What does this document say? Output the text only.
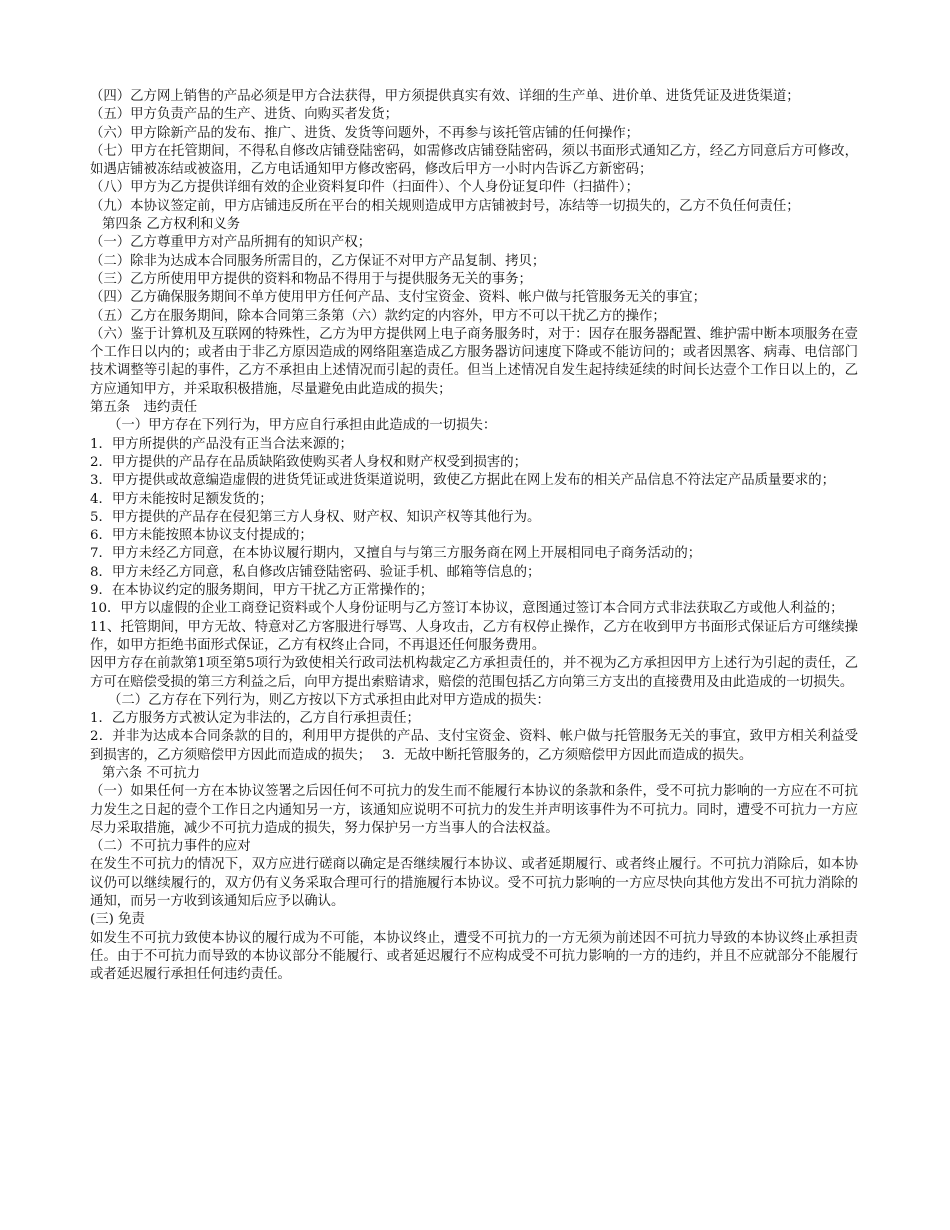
（四）乙方网上销售的产品必须是甲方合法获得，甲方须提供真实有效、详细的生产单、进价单、进货凭证及进货渠道；
（五）甲方负责产品的生产、进货、向购买者发货；
（六）甲方除新产品的发布、推广、进货、发货等问题外，不再参与该托管店铺的任何操作；
（七）甲方在托管期间，不得私自修改店铺登陆密码，如需修改店铺登陆密码，须以书面形式通知乙方，经乙方同意后方可修改，如遇店铺被冻结或被盗用，乙方电话通知甲方修改密码，修改后甲方一小时内告诉乙方新密码；
（八）甲方为乙方提供详细有效的企业资料复印件（扫面件）、个人身份证复印件（扫描件）；
（九）本协议签定前，甲方店铺违反所在平台的相关规则造成甲方店铺被封号，冻结等一切损失的，乙方不负任何责任；
第四条 乙方权利和义务
（一）乙方尊重甲方对产品所拥有的知识产权；
（二）除非为达成本合同服务所需目的，乙方保证不对甲方产品复制、拷贝；
（三）乙方所使用甲方提供的资料和物品不得用于与提供服务无关的事务；
（四）乙方确保服务期间不单方使用甲方任何产品、支付宝资金、资料、帐户做与托管服务无关的事宜；
（五）乙方在服务期间，除本合同第三条第（六）款约定的内容外，甲方不可以干扰乙方的操作；
（六）鉴于计算机及互联网的特殊性，乙方为甲方提供网上电子商务服务时，对于：因存在服务器配置、维护需中断本项服务在壹个工作日以内的；或者由于非乙方原因造成的网络阻塞造成乙方服务器访问速度下降或不能访问的；或者因黑客、病毒、电信部门技术调整等引起的事件，乙方不承担由上述情况而引起的责任。但当上述情况自发生起持续延续的时间长达壹个工作日以上的，乙方应通知甲方，并采取积极措施，尽量避免由此造成的损失；
第五条　违约责任
（一）甲方存在下列行为，甲方应自行承担由此造成的一切损失：
1．甲方所提供的产品没有正当合法来源的；
2．甲方提供的产品存在品质缺陷致使购买者人身权和财产权受到损害的；
3．甲方提供或故意编造虚假的进货凭证或进货渠道说明，致使乙方据此在网上发布的相关产品信息不符法定产品质量要求的；
4．甲方未能按时足额发货的；
5．甲方提供的产品存在侵犯第三方人身权、财产权、知识产权等其他行为。
6．甲方未能按照本协议支付提成的；
7．甲方未经乙方同意，在本协议履行期内，又擅自与与第三方服务商在网上开展相同电子商务活动的；
8．甲方未经乙方同意，私自修改店铺登陆密码、验证手机、邮箱等信息的；
9．在本协议约定的服务期间，甲方干扰乙方正常操作的；
10．甲方以虚假的企业工商登记资料或个人身份证明与乙方签订本协议，意图通过签订本合同方式非法获取乙方或他人利益的；
11、托管期间，甲方无故、特意对乙方客服进行辱骂、人身攻击，乙方有权停止操作，乙方在收到甲方书面形式保证后方可继续操作，如甲方拒绝书面形式保证，乙方有权终止合同，不再退还任何服务费用。
因甲方存在前款第1项至第5项行为致使相关行政司法机构裁定乙方承担责任的，并不视为乙方承担因甲方上述行为引起的责任，乙方可在赔偿受损的第三方利益之后，向甲方提出索赔请求，赔偿的范围包括乙方向第三方支出的直接费用及由此造成的一切损失。
（二）乙方存在下列行为，则乙方按以下方式承担由此对甲方造成的损失：
1．乙方服务方式被认定为非法的，乙方自行承担责任；
2．并非为达成本合同条款的目的，利用甲方提供的产品、支付宝资金、资料、帐户做与托管服务无关的事宜，致甲方相关利益受到损害的，乙方须赔偿甲方因此而造成的损失；　 3．无故中断托管服务的，乙方须赔偿甲方因此而造成的损失。
第六条 不可抗力
（一）如果任何一方在本协议签署之后因任何不可抗力的发生而不能履行本协议的条款和条件，受不可抗力影响的一方应在不可抗力发生之日起的壹个工作日之内通知另一方，该通知应说明不可抗力的发生并声明该事件为不可抗力。同时，遭受不可抗力一方应尽力采取措施，减少不可抗力造成的损失，努力保护另一方当事人的合法权益。
（二）不可抗力事件的应对
在发生不可抗力的情况下，双方应进行磋商以确定是否继续履行本协议、或者延期履行、或者终止履行。不可抗力消除后，如本协议仍可以继续履行的，双方仍有义务采取合理可行的措施履行本协议。受不可抗力影响的一方应尽快向其他方发出不可抗力消除的通知，而另一方收到该通知后应予以确认。
(三) 免责
如发生不可抗力致使本协议的履行成为不可能，本协议终止，遭受不可抗力的一方无须为前述因不可抗力导致的本协议终止承担责任。由于不可抗力而导致的本协议部分不能履行、或者延迟履行不应构成受不可抗力影响的一方的违约，并且不应就部分不能履行或者延迟履行承担任何违约责任。
